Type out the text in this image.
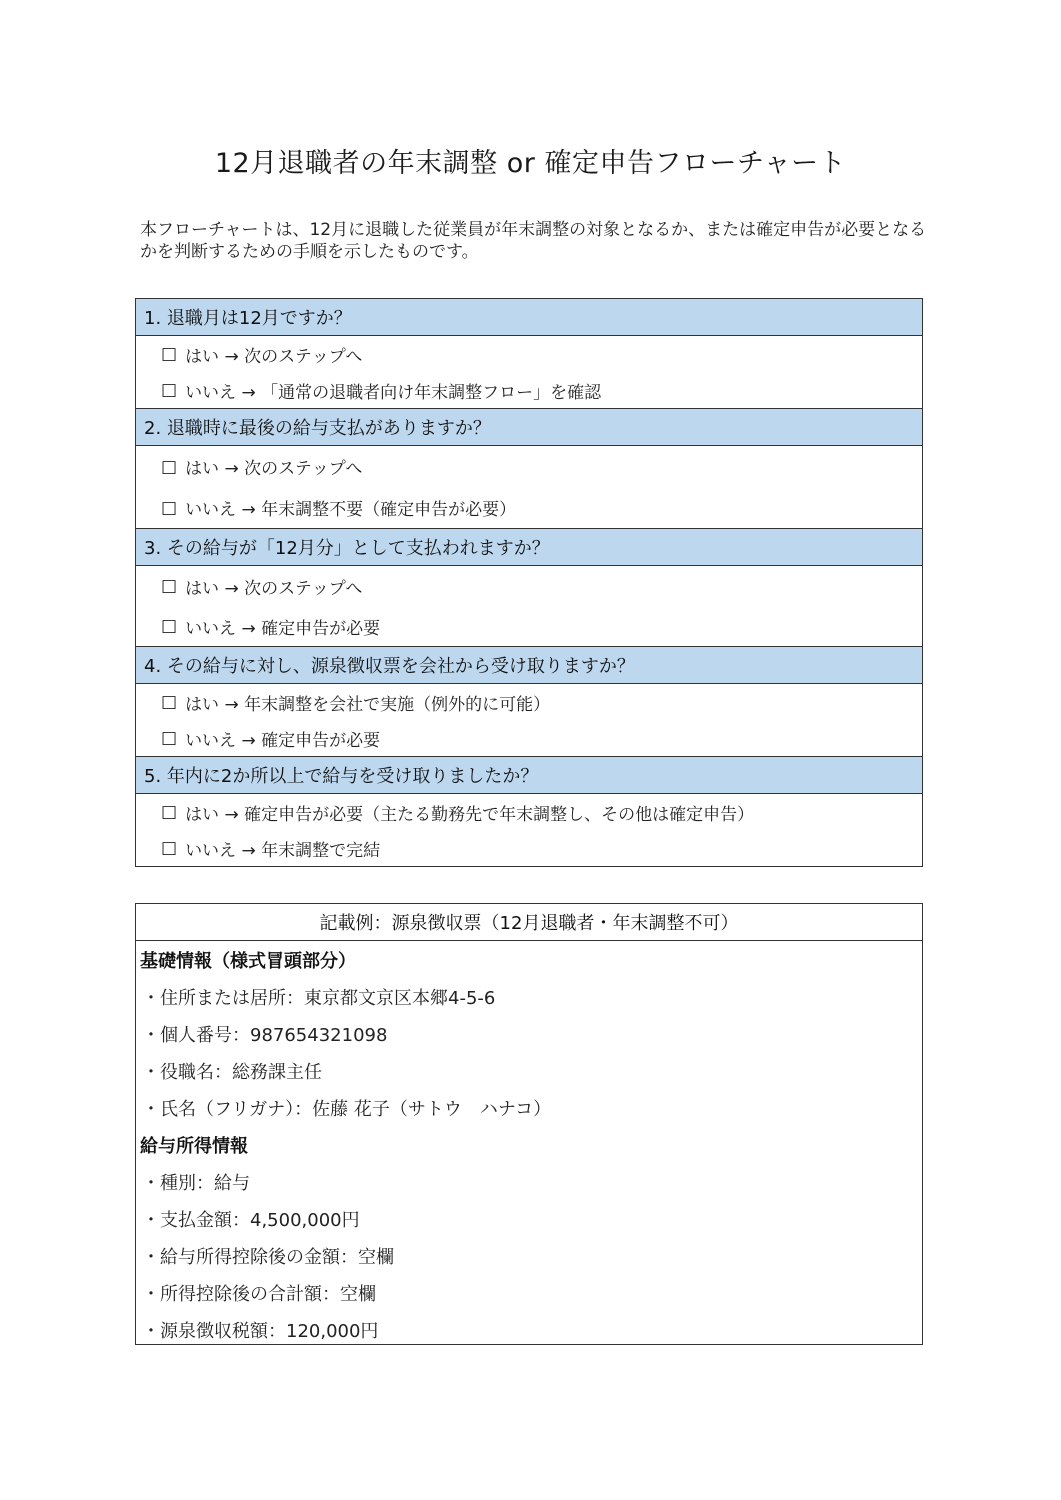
12月退職者の年末調整 or 確定申告フローチャート
本フローチャートは、12月に退職した従業員が年末調整の対象となるか、または確定申告が必要となるかを判断するための手順を示したものです。
1. 退職月は12月ですか？
□ はい → 次のステップへ
□ いいえ → 「通常の退職者向け年末調整フロー」を確認
2. 退職時に最後の給与支払がありますか？
□ はい → 次のステップへ
□ いいえ → 年末調整不要（確定申告が必要）
3. その給与が「12月分」として支払われますか？
□ はい → 次のステップへ
□ いいえ → 確定申告が必要
4. その給与に対し、源泉徴収票を会社から受け取りますか？
□ はい → 年末調整を会社で実施（例外的に可能）
□ いいえ → 確定申告が必要
5. 年内に2か所以上で給与を受け取りましたか？
□ はい → 確定申告が必要（主たる勤務先で年末調整し、その他は確定申告）
□ いいえ → 年末調整で完結
記載例：源泉徴収票（12月退職者・年末調整不可）
基礎情報（様式冒頭部分）
・住所または居所：東京都文京区本郷4-5-6
・個人番号：987654321098
・役職名：総務課主任
・氏名（フリガナ）：佐藤 花子（サトウ　ハナコ）
給与所得情報
・種別：給与
・支払金額：4,500,000円
・給与所得控除後の金額：空欄
・所得控除後の合計額：空欄
・源泉徴収税額：120,000円
